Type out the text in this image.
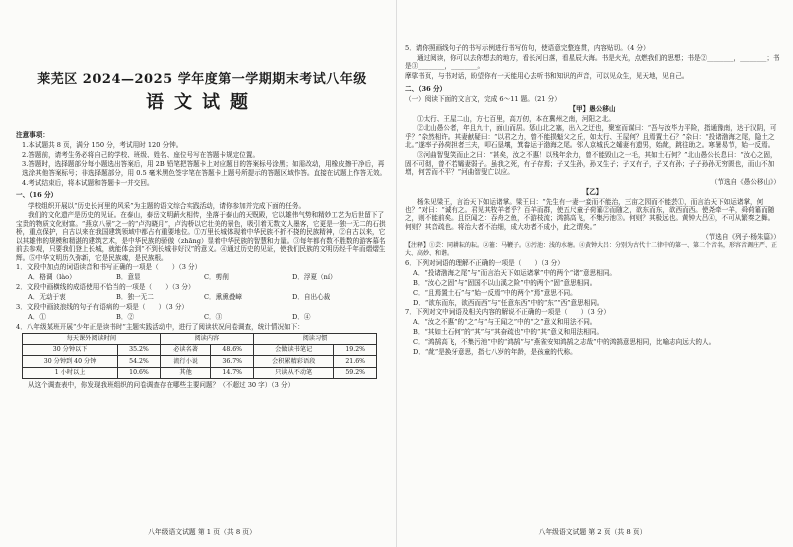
莱芜区 2024—2025 学年度第一学期期末考试八年级
语文试题

注意事项：

1.本试题共 8 页，满分 150 分，考试用时 120 分钟。

2.答题前，请考生务必将自己的学校、班级、姓名、座位号写在答题卡规定位置。

3.答题时，选择题部分每小题选出答案后，用 2B 铅笔把答题卡上对应题目的答案标号涂黑；如需改动，用橡皮擦干净后，再选涂其他答案标号；非选择题部分，用 0.5 毫米黑色签字笔在答题卡上题号所提示的答题区域作答。直接在试题上作答无效。

4.考试结束后，将本试题和答题卡一并交回。

一、（16 分）

学校组织开展以“历史长河里的风采”为主题的语文综合实践活动，请你参加并完成下面的任务。

我们的文化遗产是历史的见证。在泰山，泰岳文明薪火相传，坐落于泰山的天贶殿，它以雄伟气势和精妙工艺为后世留下了宝贵的物质文化财富。“燕京八景”之一的“卢沟晓月”，卢沟桥以它壮美的景色，吸引着无数文人墨客，它更是一独一无二的石拱桥，重点保护，自古以来在我国建筑领域中都占有重要地位。①万里长城体现着中华民族不折不挠的民族精神，②自古以来，它以其雄伟的规模和精湛的建筑艺术，是中华民族的骄傲（zhāng）显着中华民族的智慧和力量。③每年都有数不胜数的游客慕名前去参观，只要我们登上长城，就能体会到“不到长城非好汉”的意义。④通过历史的见证，使我们民族的文明历经千年而熠熠生辉。⑤中华文明历久弥新，它是民族魂，是民族根。

1．文段中加点的词语读音和书写正确的一项是（　　）（3 分）

A．格调（lào）	B．意显	C．剪削	D．浮夏（ní）

2．文段中画横线的成语使用不恰当的一项是（　　）（3 分）

A．无动于衷	B．独一无二	C．熏熏叠嶂	D．自出心裁

3．文段中画波浪线的句子有语病的一项是（　　）（3 分）

A．①	B．②	C．③	D．④

4．八年级某班开展“少年正是读书时”主题实践活动中，进行了阅读状况问卷调查，统计情况如下：

每天课外阅读时间		阅读内容		阅读习惯	
30 分钟以下	35.2%	必读名著	48.6%	会做读书笔记	19.2%
30 分钟到 40 分钟	54.2%	流行小说	36.7%	会积累精彩语段	21.6%
1 小时以上	10.6%	其他	14.7%	只读从不动笔	59.2%

从这个调查表中，你发现我班组织的问卷调查存在哪些主要问题？（不超过 30 字）（3 分）

八年级语文试题 第 1 页（共 8 页）

5．请你照画线句子的书写示例进行书写仿句，使语意完整连贯，内容贴切。（4 分）

通过阅读，你可以去你想去的地方，看长河日落，看星辰大海。书是火光，点燃我们的思想；书是②________，________；书是③________，________。

摩挲书页，与书对话，盼望你有一天能用心去听书和知识的声音，可以见众生，见天地，见自己。

二、（36 分）

（一）阅读下面的文言文，完成 6～11 题。（21 分）

【甲】愚公移山

①太行、王屋二山，方七百里，高万仞，本在冀州之南，河阳之北。

②北山愚公者，年且九十，面山而居。惩山北之塞，出入之迂也，聚室而谋曰：“吾与汝毕力平险，指通豫南，达于汉阴，可乎？”杂然相许。其妻献疑曰：“以君之力，曾不能损魁父之丘，如太行、王屋何？且焉置土石？”杂曰：“投诸渤海之尾，隐土之北。”遂率子孙荷担者三夫，叩石垦壤，箕畚运于渤海之尾。邻人京城氏之孀妻有遗男，始龀，跳往助之。寒暑易节，始一反焉。

③河曲智叟笑而止之曰：“甚矣，汝之不惠！以残年余力，曾不能毁山之一毛，其如土石何？”北山愚公长息曰：“汝心之固，固不可彻，曾不若孀妻弱子。虽我之死，有子存焉；子又生孙，孙又生子；子又有子，子又有孙；子子孙孙无穷匮也，而山不加增，何苦而不平？”河曲智叟亡以应。

（节选自《愚公移山》）

【乙】

杨朱见梁王，言治天下如运诸掌。梁王曰：“先生有一妻一妾而不能治，三亩之园而不能芸①，而言治天下如运诸掌，何也？”对曰：“诚有之。君见其牧羊者乎？百羊而群，使五尺童子荷箠②而随之，欲东而东，欲西而西。使尧牵一羊，舜荷箠而随之，则不能前矣。且臣闻之：吞舟之鱼，不游枝流；鸿鹄高飞，不集污池③。何则？其极远也。黄钟大吕④，不可从繁奏之舞。何则？其音疏也。将治大者不治细，成大功者不成小，此之谓矣。”

（节选自《列子·杨朱篇》）

【注释】①芸：同耕耘的耘。②箠：马鞭子。③污池：浅的水塘。④黄钟大吕：分别为古代十二律中的第一、第二个音名，形容音调庄严、正大、高妙、和谐。

6．下列对词语的理解不正确的一项是（　　）（3 分）

A．“投诸渤海之尾”与“而言治天下如运诸掌”中的两个“诸”意思相同。

B．“汝心之固”与“固国不以山溪之险”中的两个“固”意思相同。

C．“且焉置土石”与“始一反焉”中的两个“焉”意思不同。

D．“欲东而东，欲西而西”与“任意东西”中的“东”“西”意思相同。

7．下列对文中词语及相关内容的解说不正确的一项是（　　）（3 分）

A．“汝之不惠”的“之”与“与王闻之”中的“之”意义和用法不同。

B．“其如土石何”的“其”与“其奋疏也”中的“其”意义和用法相同。

C．“鸿鹄高飞，不集污池”中的“鸿鹄”与“燕雀安知鸿鹄之志哉”中的鸿鹄意思相同，比喻志向远大的人。

D．“龀”是换牙意思，指七八岁的年龄，是孩童的代称。

八年级语文试题 第 2 页（共 8 页）
